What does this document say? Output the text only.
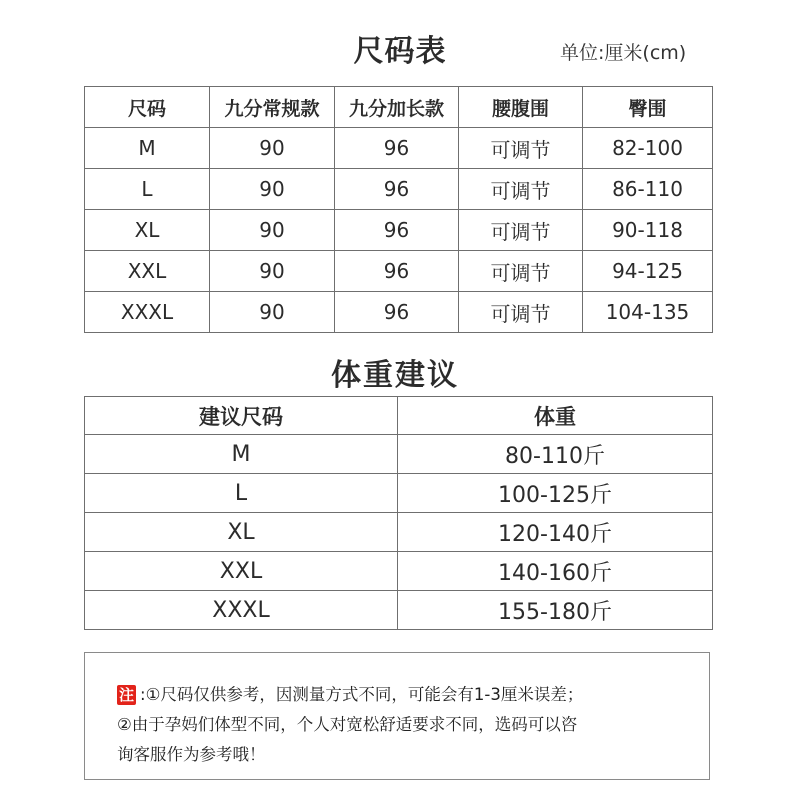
尺码表	单位:厘米(cm)
尺码	九分常规款	九分加长款	腰腹围	臀围
M	90	96	可调节	82-100
L	90	96	可调节	86-110
XL	90	96	可调节	90-118
XXL	90	96	可调节	94-125
XXXL	90	96	可调节	104-135
体重建议
建议尺码	体重
M	80-110斤
L	100-125斤
XL	120-140斤
XXL	140-160斤
XXXL	155-180斤
注 :①尺码仅供参考，因测量方式不同，可能会有1-3厘米误差；
②由于孕妈们体型不同，个人对宽松舒适要求不同，选码可以咨
询客服作为参考哦！
